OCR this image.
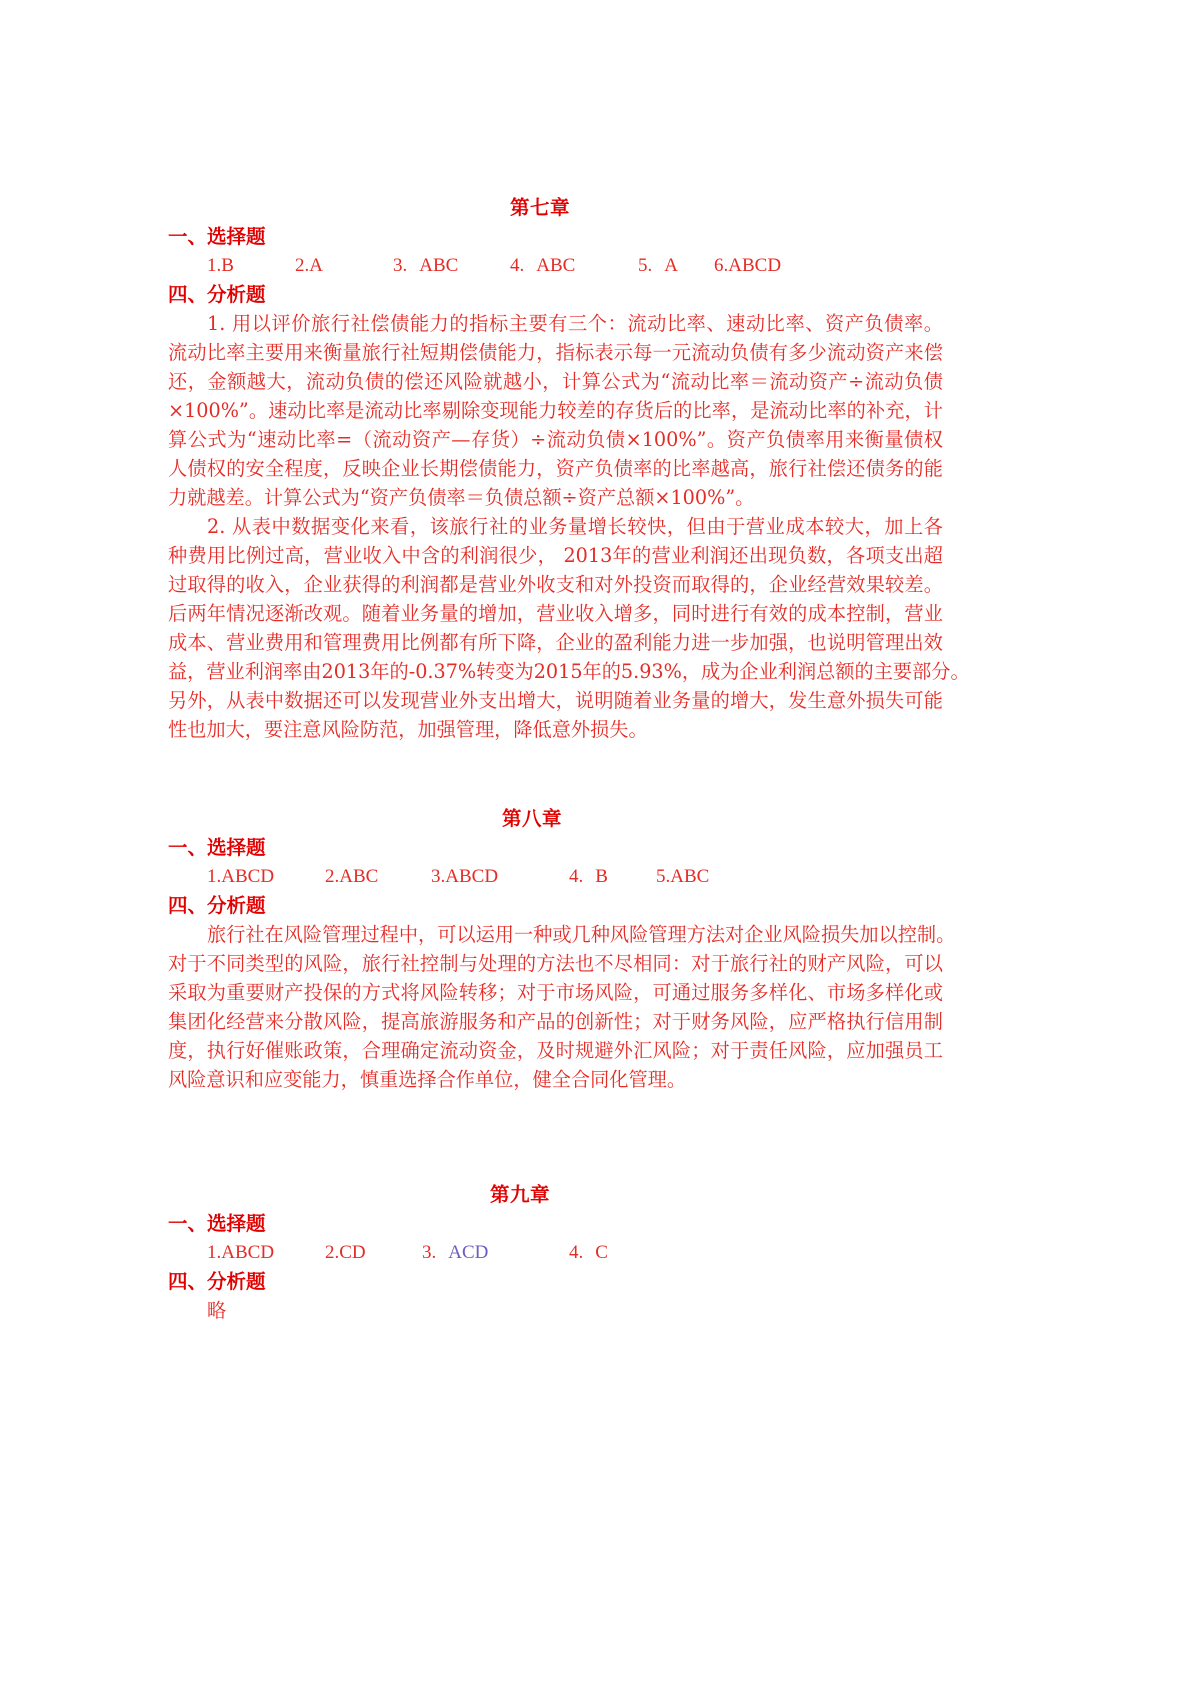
第七章
一、选择题
1.B	2.A	3. ABC	4. ABC	5. A 6.ABCD
四、分析题
1. 用以评价旅行社偿债能力的指标主要有三个：流动比率、速动比率、资产负债率。
流动比率主要用来衡量旅行社短期偿债能力，指标表示每一元流动负债有多少流动资产来偿
还，金额越大，流动负债的偿还风险就越小，计算公式为“流动比率＝流动资产÷流动负债
×100%”。速动比率是流动比率剔除变现能力较差的存货后的比率，是流动比率的补充，计
算公式为“速动比率=（流动资产—存货）÷流动负债×100%”。资产负债率用来衡量债权
人债权的安全程度，反映企业长期偿债能力，资产负债率的比率越高，旅行社偿还债务的能
力就越差。计算公式为“资产负债率＝负债总额÷资产总额×100%”。
2. 从表中数据变化来看，该旅行社的业务量增长较快，但由于营业成本较大，加上各
种费用比例过高，营业收入中含的利润很少， 2013年的营业利润还出现负数，各项支出超
过取得的收入，企业获得的利润都是营业外收支和对外投资而取得的，企业经营效果较差。
后两年情况逐渐改观。随着业务量的增加，营业收入增多，同时进行有效的成本控制，营业
成本、营业费用和管理费用比例都有所下降，企业的盈利能力进一步加强，也说明管理出效
益，营业利润率由2013年的-0.37%转变为2015年的5.93%，成为企业利润总额的主要部分。
另外，从表中数据还可以发现营业外支出增大，说明随着业务量的增大，发生意外损失可能
性也加大，要注意风险防范，加强管理，降低意外损失。
第八章
一、选择题
1.ABCD	2.ABC	3.ABCD	4. B	5.ABC
四、分析题
旅行社在风险管理过程中，可以运用一种或几种风险管理方法对企业风险损失加以控制。
对于不同类型的风险，旅行社控制与处理的方法也不尽相同：对于旅行社的财产风险，可以
采取为重要财产投保的方式将风险转移；对于市场风险，可通过服务多样化、市场多样化或
集团化经营来分散风险，提高旅游服务和产品的创新性；对于财务风险，应严格执行信用制
度，执行好催账政策，合理确定流动资金，及时规避外汇风险；对于责任风险，应加强员工
风险意识和应变能力，慎重选择合作单位，健全合同化管理。
第九章
一、选择题
1.ABCD	2.CD	3. ACD	4. C
四、分析题
略
